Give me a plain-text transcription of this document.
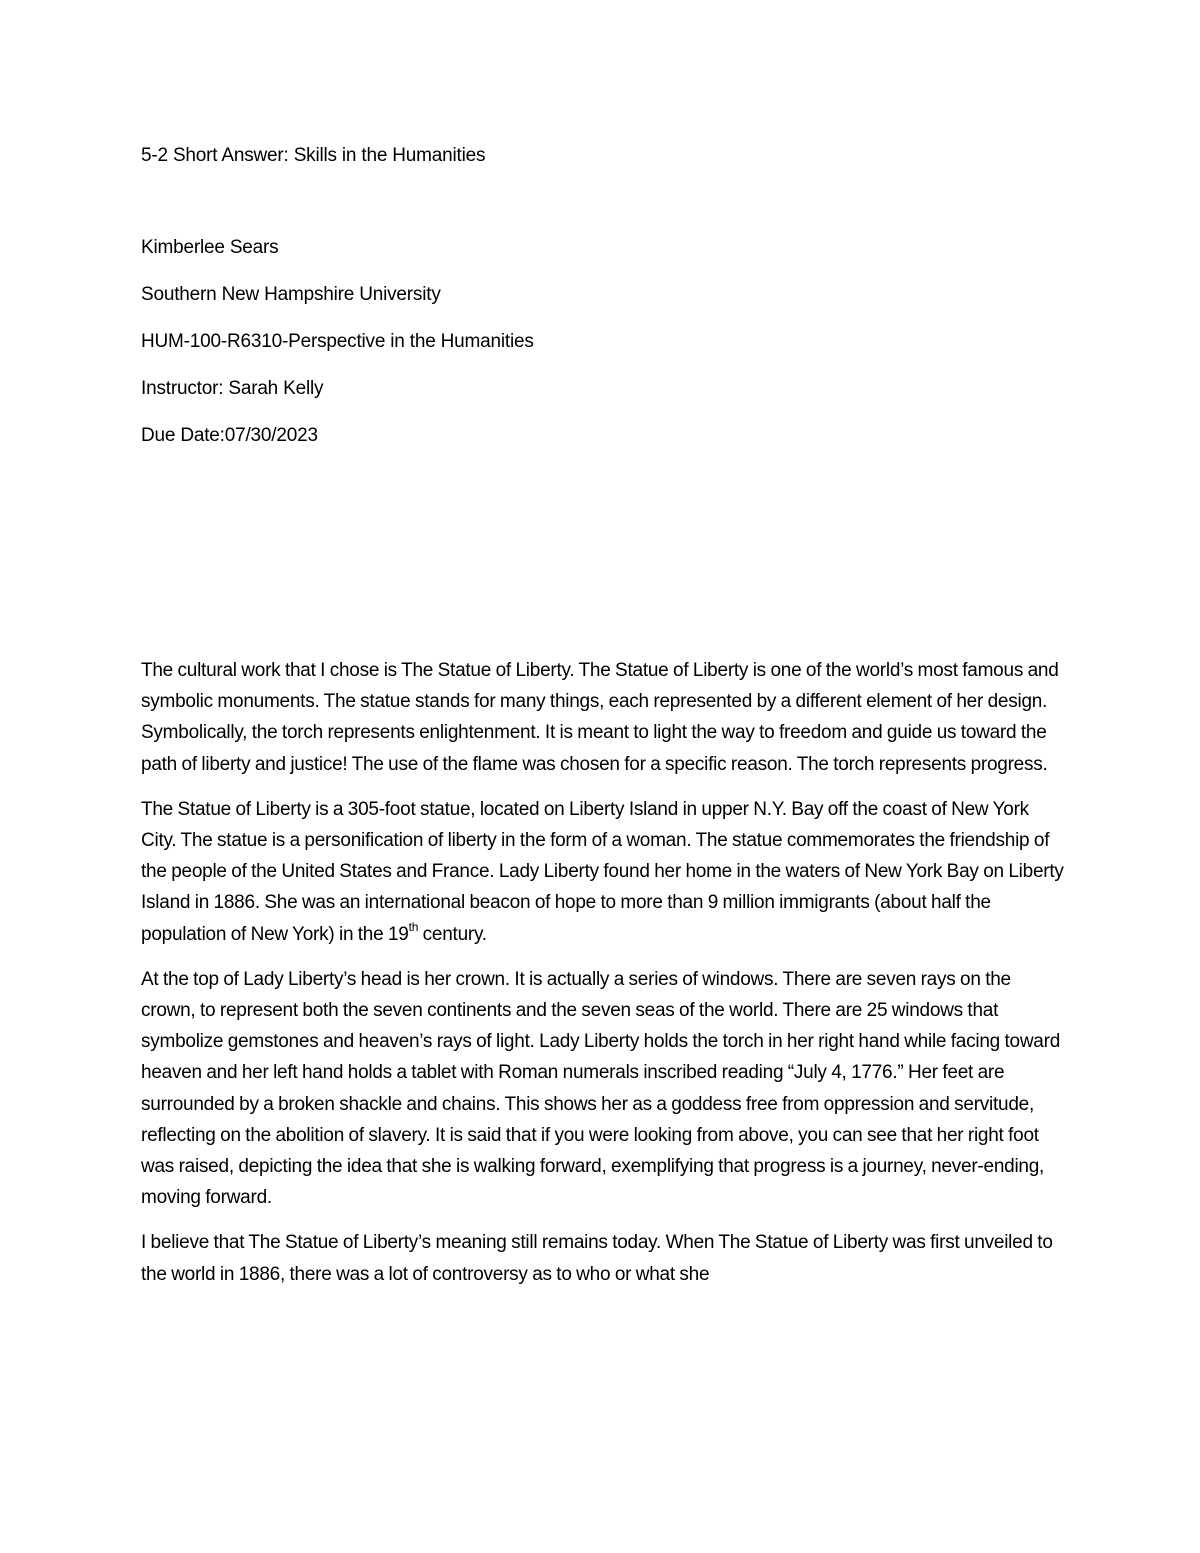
5-2 Short Answer: Skills in the Humanities
Kimberlee Sears
Southern New Hampshire University
HUM-100-R6310-Perspective in the Humanities
Instructor: Sarah Kelly
Due Date:07/30/2023

The cultural work that I chose is The Statue of Liberty. The Statue of Liberty is one of the world’s most famous and symbolic monuments. The statue stands for many things, each represented by a different element of her design. Symbolically, the torch represents enlightenment. It is meant to light the way to freedom and guide us toward the path of liberty and justice! The use of the flame was chosen for a specific reason. The torch represents progress.

The Statue of Liberty is a 305-foot statue, located on Liberty Island in upper N.Y. Bay off the coast of New York City. The statue is a personification of liberty in the form of a woman. The statue commemorates the friendship of the people of the United States and France. Lady Liberty found her home in the waters of New York Bay on Liberty Island in 1886. She was an international beacon of hope to more than 9 million immigrants (about half the population of New York) in the 19th century.

At the top of Lady Liberty’s head is her crown. It is actually a series of windows. There are seven rays on the crown, to represent both the seven continents and the seven seas of the world. There are 25 windows that symbolize gemstones and heaven’s rays of light. Lady Liberty holds the torch in her right hand while facing toward heaven and her left hand holds a tablet with Roman numerals inscribed reading “July 4, 1776.” Her feet are surrounded by a broken shackle and chains. This shows her as a goddess free from oppression and servitude, reflecting on the abolition of slavery. It is said that if you were looking from above, you can see that her right foot was raised, depicting the idea that she is walking forward, exemplifying that progress is a journey, never-ending, moving forward.

I believe that The Statue of Liberty’s meaning still remains today. When The Statue of Liberty was first unveiled to the world in 1886, there was a lot of controversy as to who or what she
